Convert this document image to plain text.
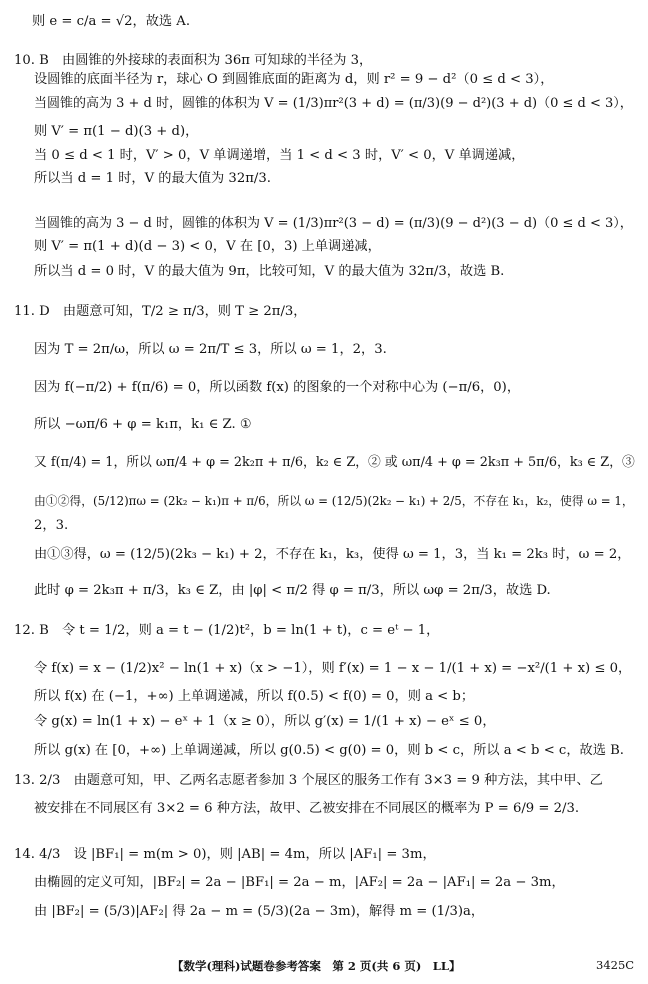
则 e = c/a = √2，故选 A.
10. B　由圆锥的外接球的表面积为 36π 可知球的半径为 3，
设圆锥的底面半径为 r，球心 O 到圆锥底面的距离为 d，则 r² = 9 − d²（0 ≤ d < 3），
当圆锥的高为 3 + d 时，圆锥的体积为 V = (1/3)πr²(3 + d) = (π/3)(9 − d²)(3 + d)（0 ≤ d < 3），
则 V′ = π(1 − d)(3 + d)，
当 0 ≤ d < 1 时，V′ > 0，V 单调递增，当 1 < d < 3 时，V′ < 0，V 单调递减，
所以当 d = 1 时，V 的最大值为 32π/3.
当圆锥的高为 3 − d 时，圆锥的体积为 V = (1/3)πr²(3 − d) = (π/3)(9 − d²)(3 − d)（0 ≤ d < 3），
则 V′ = π(1 + d)(d − 3) < 0，V 在 [0，3) 上单调递减，
所以当 d = 0 时，V 的最大值为 9π，比较可知，V 的最大值为 32π/3，故选 B.
11. D　由题意可知，T/2 ≥ π/3，则 T ≥ 2π/3，
因为 T = 2π/ω，所以 ω = 2π/T ≤ 3，所以 ω = 1，2，3.
因为 f(−π/2) + f(π/6) = 0，所以函数 f(x) 的图象的一个对称中心为 (−π/6，0)，
所以 −ωπ/6 + φ = k₁π，k₁ ∈ Z. ①
又 f(π/4) = 1，所以 ωπ/4 + φ = 2k₂π + π/6，k₂ ∈ Z，② 或 ωπ/4 + φ = 2k₃π + 5π/6，k₃ ∈ Z，③
由①②得，(5/12)πω = (2k₂ − k₁)π + π/6，所以 ω = (12/5)(2k₂ − k₁) + 2/5，不存在 k₁，k₂，使得 ω = 1，
2，3.
由①③得，ω = (12/5)(2k₃ − k₁) + 2，不存在 k₁，k₃，使得 ω = 1，3，当 k₁ = 2k₃ 时，ω = 2，
此时 φ = 2k₃π + π/3，k₃ ∈ Z，由 |φ| < π/2 得 φ = π/3，所以 ωφ = 2π/3，故选 D.
12. B　令 t = 1/2，则 a = t − (1/2)t²，b = ln(1 + t)，c = eᵗ − 1，
令 f(x) = x − (1/2)x² − ln(1 + x)（x > −1），则 f′(x) = 1 − x − 1/(1 + x) = −x²/(1 + x) ≤ 0，
所以 f(x) 在 (−1，+∞) 上单调递减，所以 f(0.5) < f(0) = 0，则 a < b；
令 g(x) = ln(1 + x) − eˣ + 1（x ≥ 0），所以 g′(x) = 1/(1 + x) − eˣ ≤ 0，
所以 g(x) 在 [0，+∞) 上单调递减，所以 g(0.5) < g(0) = 0，则 b < c，所以 a < b < c，故选 B.
13. 2/3　由题意可知，甲、乙两名志愿者参加 3 个展区的服务工作有 3×3 = 9 种方法，其中甲、乙
被安排在不同展区有 3×2 = 6 种方法，故甲、乙被安排在不同展区的概率为 P = 6/9 = 2/3.
14. 4/3　设 |BF₁| = m(m > 0)，则 |AB| = 4m，所以 |AF₁| = 3m，
由椭圆的定义可知，|BF₂| = 2a − |BF₁| = 2a − m，|AF₂| = 2a − |AF₁| = 2a − 3m，
由 |BF₂| = (5/3)|AF₂| 得 2a − m = (5/3)(2a − 3m)，解得 m = (1/3)a，
【数学(理科)试题卷参考答案　第 2 页(共 6 页)　LL】	3425C
